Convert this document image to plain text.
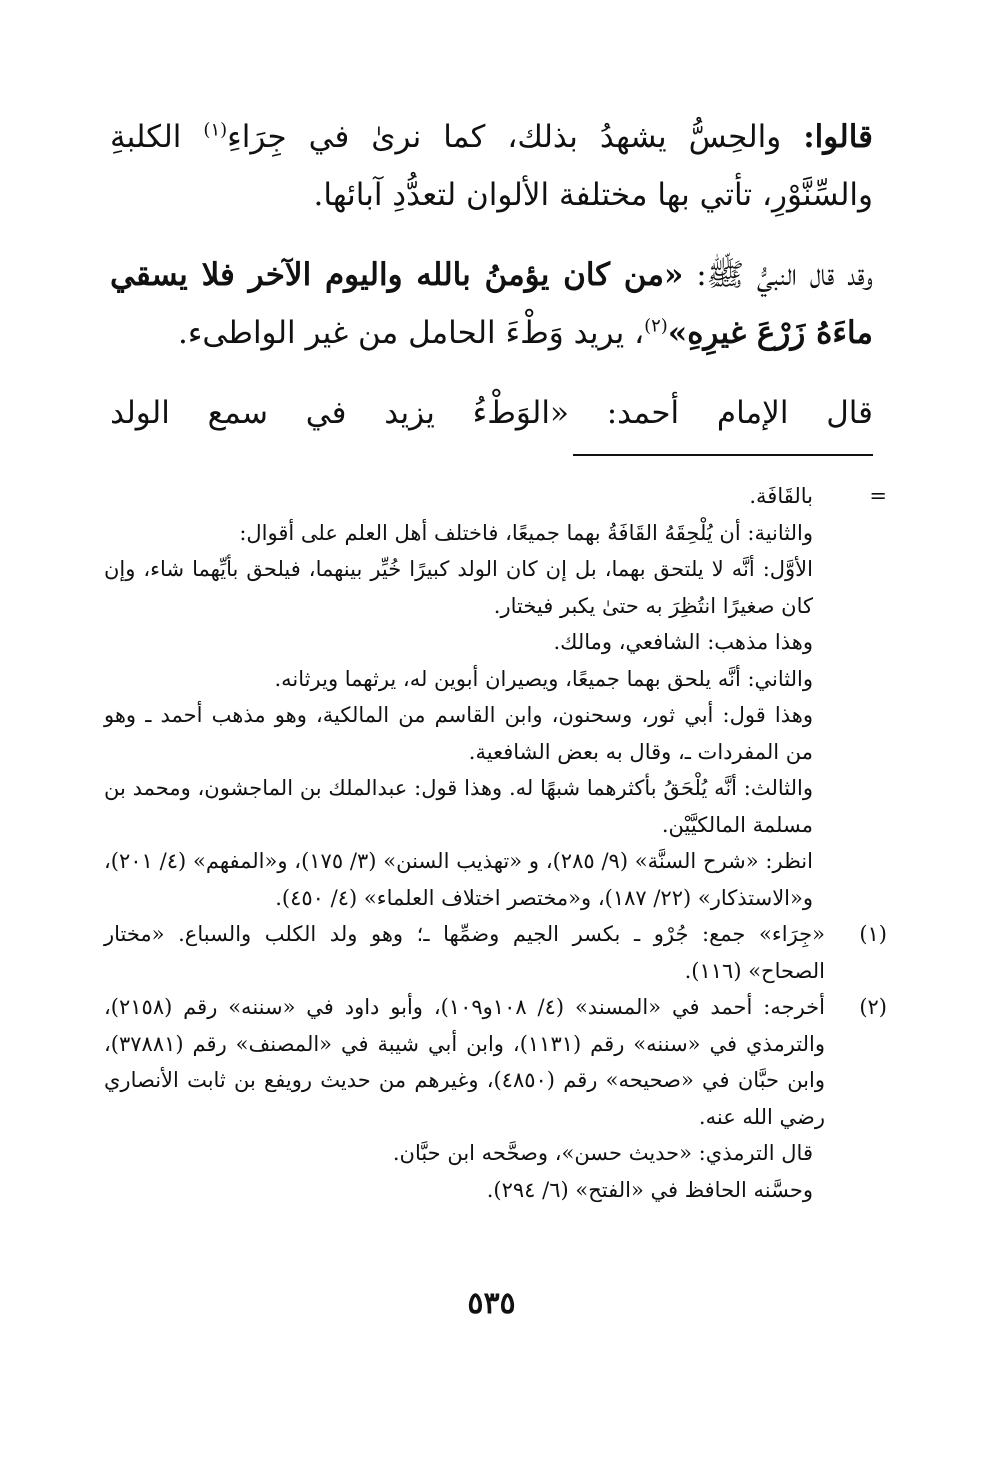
قالوا: والحِسُّ يشهدُ بذلك، كما نرىٰ في جِرَاءِ$^{(١)}$ الكلبةِ والسِّنَّوْرِ، تأتي بها مختلفة الألوان لتعدُّدِ آبائها.

وقد قال النبيُّ ﷺ: «من كان يؤمنُ بالله واليوم الآخر فلا يسقي ماءَهُ زَرْعَ غيرِهِ»$^{(٢)}$، يريد وَطْءَ الحامل من غير الواطىء.

قال
الإمام
أحمد:
«الوَطْءُ
يزيد
في
سمع
الولد
=

بالقَافَة.

والثانية: أن يُلْحِقَهُ القَافَةُ بهما جميعًا، فاختلف أهل العلم على أقوال:

الأوَّل: أنَّه لا يلتحق بهما، بل إن كان الولد كبيرًا خُيِّر بينهما، فيلحق بأيِّهما شاء، وإن كان صغيرًا انتُظِرَ به حتىٰ يكبر فيختار.

وهذا مذهب: الشافعي، ومالك.

والثاني: أنَّه يلحق بهما جميعًا، ويصيران أبوين له، يرثهما ويرثانه.

وهذا قول: أبي ثور، وسحنون، وابن القاسم من المالكية، وهو مذهب أحمد ـ وهو من المفردات ـ، وقال به بعض الشافعية.

والثالث: أنَّه يُلْحَقُ بأكثرهما شبهًا له. وهذا قول: عبدالملك بن الماجشون، ومحمد بن مسلمة المالكيَّيْن.

انظر: «شرح السنَّة» (٩/ ٢٨٥)، و «تهذيب السنن» (٣/ ١٧٥)، و«المفهم» (٤/ ٢٠١)، و«الاستذكار» (٢٢/ ١٨٧)، و«مختصر اختلاف العلماء» (٤/ ٤٥٠).

(١)

«جِرَاء» جمع: جُرْو ـ بكسر الجيم وضمِّها ـ؛ وهو ولد الكلب والسباع. «مختار الصحاح» (١١٦).

(٢)

أخرجه: أحمد في «المسند» (٤/ ١٠٨و١٠٩)، وأبو داود في «سننه» رقم (٢١٥٨)، والترمذي في «سننه» رقم (١١٣١)، وابن أبي شيبة في «المصنف» رقم (٣٧٨٨١)، وابن حبَّان في «صحيحه» رقم (٤٨٥٠)، وغيرهم من حديث رويفع بن ثابت الأنصاري رضي الله عنه.

قال الترمذي: «حديث حسن»، وصحَّحه ابن حبَّان.

وحسَّنه الحافظ في «الفتح» (٦/ ٢٩٤).

٥٣٥
